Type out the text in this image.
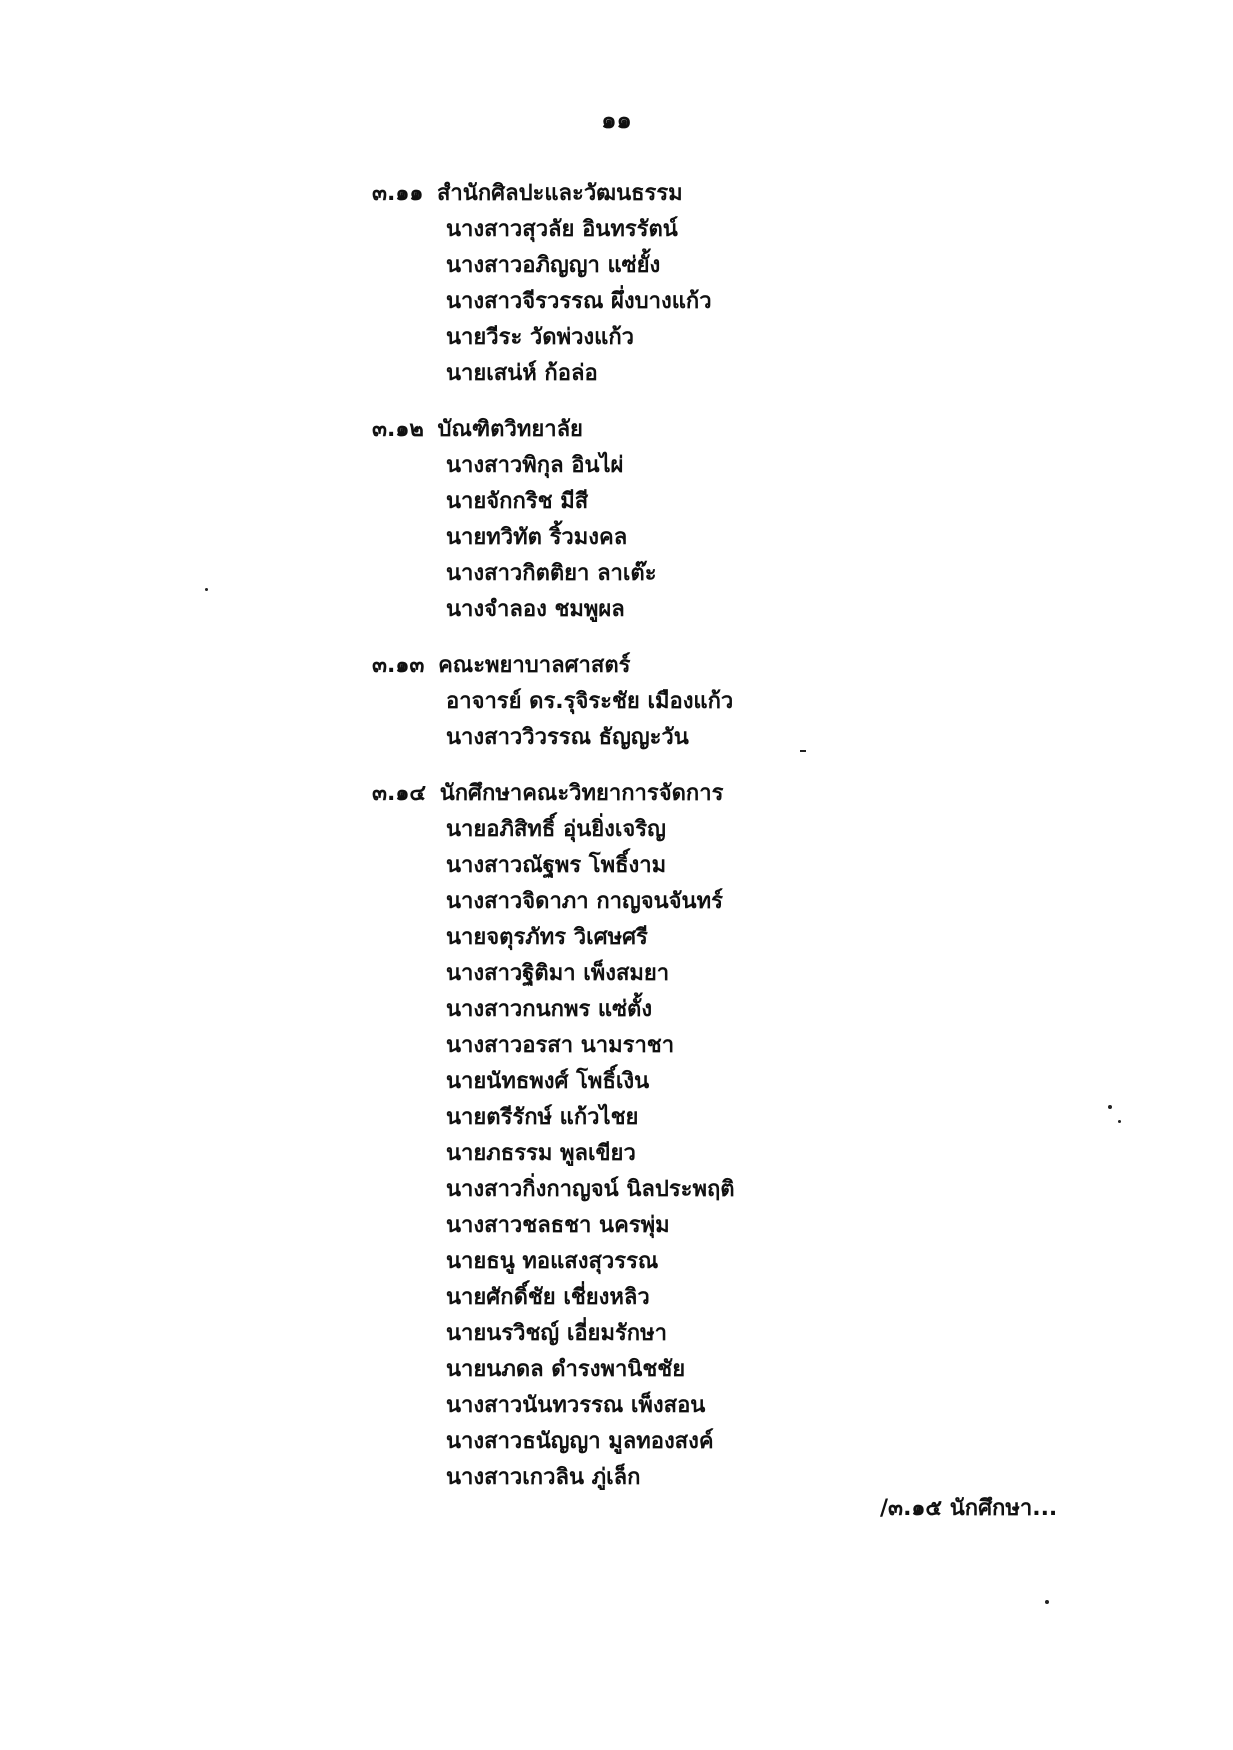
๑๑
๓.๑๑ สำนักศิลปะและวัฒนธรรม
นางสาวสุวลัย อินทรรัตน์
นางสาวอภิญญา แซ่ยั้ง
นางสาวจีรวรรณ ผึ่งบางแก้ว
นายวีระ วัดพ่วงแก้ว
นายเสน่ห์ ก้อล่อ
๓.๑๒ บัณฑิตวิทยาลัย
นางสาวพิกุล อินไผ่
นายจักกริช มีสี
นายทวิทัต ริ้วมงคล
นางสาวกิตติยา ลาเต๊ะ
นางจำลอง ชมพูผล
๓.๑๓ คณะพยาบาลศาสตร์
อาจารย์ ดร.รุจิระชัย เมืองแก้ว
นางสาววิวรรณ ธัญญะวัน
๓.๑๔ นักศึกษาคณะวิทยาการจัดการ
นายอภิสิทธิ์ อุ่นยิ่งเจริญ
นางสาวณัฐพร โพธิ์งาม
นางสาวจิดาภา กาญจนจันทร์
นายจตุรภัทร วิเศษศรี
นางสาวฐิติมา เพ็งสมยา
นางสาวกนกพร แซ่ตั้ง
นางสาวอรสา นามราชา
นายนัทธพงศ์ โพธิ์เงิน
นายตรีรักษ์ แก้วไชย
นายภธรรม พูลเขียว
นางสาวกิ่งกาญจน์ นิลประพฤติ
นางสาวชลธชา นครพุ่ม
นายธนู ทอแสงสุวรรณ
นายศักดิ์ชัย เชี่ยงหลิว
นายนรวิชญ์ เอี่ยมรักษา
นายนภดล ดำรงพานิชชัย
นางสาวนันทวรรณ เพ็งสอน
นางสาวธนัญญา มูลทองสงค์
นางสาวเกวลิน ภู่เล็ก
/๓.๑๕ นักศึกษา...
